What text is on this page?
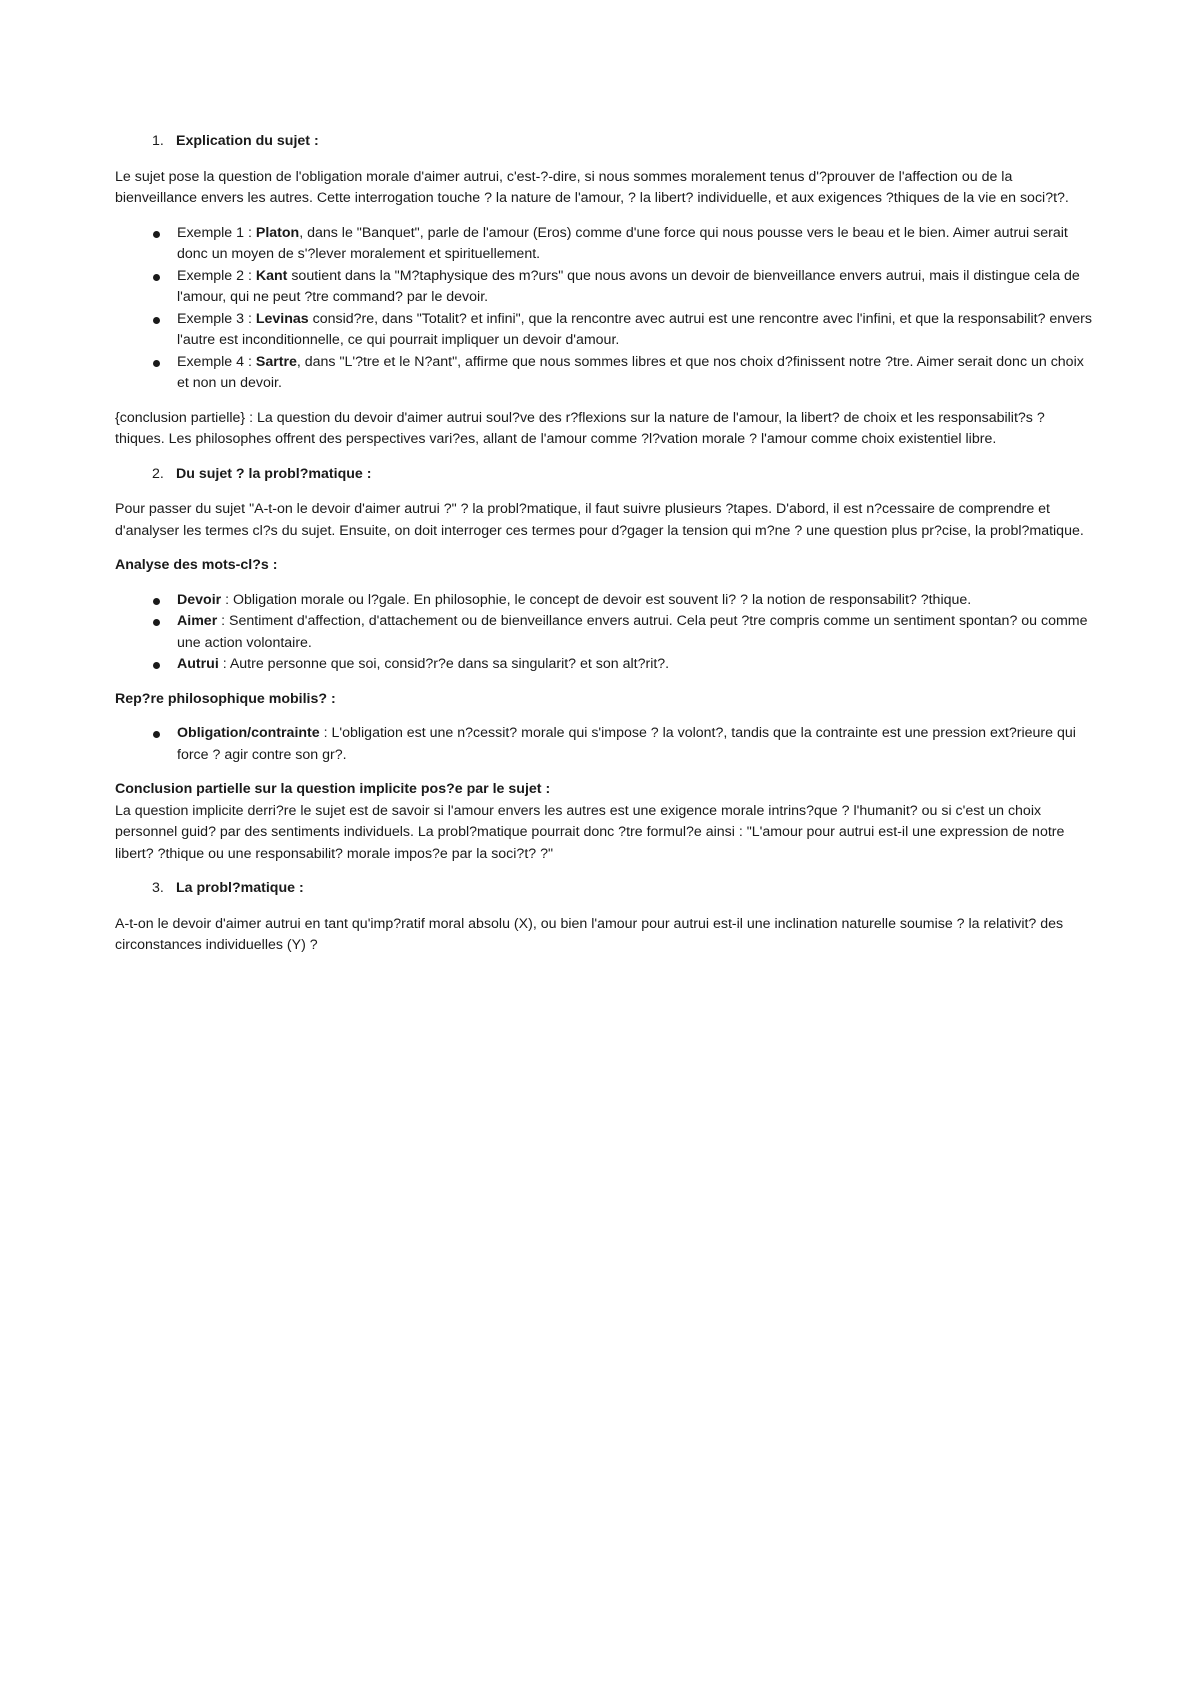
1. Explication du sujet :

Le sujet pose la question de l'obligation morale d'aimer autrui, c'est-?-dire, si nous sommes moralement tenus d'?prouver de l'affection ou de la bienveillance envers les autres. Cette interrogation touche ? la nature de l'amour, ? la libert? individuelle, et aux exigences ?thiques de la vie en soci?t?.

Exemple 1 : Platon, dans le "Banquet", parle de l'amour (Eros) comme d'une force qui nous pousse vers le beau et le bien. Aimer autrui serait donc un moyen de s'?lever moralement et spirituellement.
Exemple 2 : Kant soutient dans la "M?taphysique des m?urs" que nous avons un devoir de bienveillance envers autrui, mais il distingue cela de l'amour, qui ne peut ?tre command? par le devoir.
Exemple 3 : Levinas consid?re, dans "Totalit? et infini", que la rencontre avec autrui est une rencontre avec l'infini, et que la responsabilit? envers l'autre est inconditionnelle, ce qui pourrait impliquer un devoir d'amour.
Exemple 4 : Sartre, dans "L'?tre et le N?ant", affirme que nous sommes libres et que nos choix d?finissent notre ?tre. Aimer serait donc un choix et non un devoir.

{conclusion partielle} : La question du devoir d'aimer autrui soul?ve des r?flexions sur la nature de l'amour, la libert? de choix et les responsabilit?s ?thiques. Les philosophes offrent des perspectives vari?es, allant de l'amour comme ?l?vation morale ? l'amour comme choix existentiel libre.

2. Du sujet ? la probl?matique :

Pour passer du sujet "A-t-on le devoir d'aimer autrui ?" ? la probl?matique, il faut suivre plusieurs ?tapes. D'abord, il est n?cessaire de comprendre et d'analyser les termes cl?s du sujet. Ensuite, on doit interroger ces termes pour d?gager la tension qui m?ne ? une question plus pr?cise, la probl?matique.

Analyse des mots-cl?s :

Devoir : Obligation morale ou l?gale. En philosophie, le concept de devoir est souvent li? ? la notion de responsabilit? ?thique.
Aimer : Sentiment d'affection, d'attachement ou de bienveillance envers autrui. Cela peut ?tre compris comme un sentiment spontan? ou comme une action volontaire.
Autrui : Autre personne que soi, consid?r?e dans sa singularit? et son alt?rit?.

Rep?re philosophique mobilis? :

Obligation/contrainte : L'obligation est une n?cessit? morale qui s'impose ? la volont?, tandis que la contrainte est une pression ext?rieure qui force ? agir contre son gr?.

Conclusion partielle sur la question implicite pos?e par le sujet :

La question implicite derri?re le sujet est de savoir si l'amour envers les autres est une exigence morale intrins?que ? l'humanit? ou si c'est un choix personnel guid? par des sentiments individuels. La probl?matique pourrait donc ?tre formul?e ainsi : "L'amour pour autrui est-il une expression de notre libert? ?thique ou une responsabilit? morale impos?e par la soci?t? ?"

3. La probl?matique :

A-t-on le devoir d'aimer autrui en tant qu'imp?ratif moral absolu (X), ou bien l'amour pour autrui est-il une inclination naturelle soumise ? la relativit? des circonstances individuelles (Y) ?
